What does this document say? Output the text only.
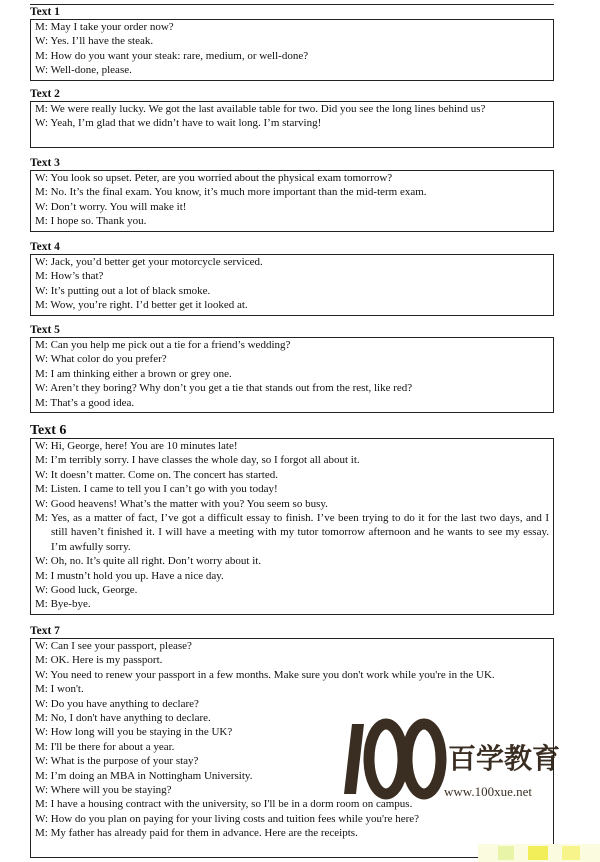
Text 1
M: May I take your order now?
W: Yes. I’ll have the steak.
M: How do you want your steak: rare, medium, or well-done?
W: Well-done, please.
Text 2
M: We were really lucky. We got the last available table for two. Did you see the long lines behind us?
W: Yeah, I’m glad that we didn’t have to wait long. I’m starving!
Text 3
W: You look so upset. Peter, are you worried about the physical exam tomorrow?
M: No. It’s the final exam. You know, it’s much more important than the mid-term exam.
W: Don’t worry. You will make it!
M: I hope so. Thank you.
Text 4
W: Jack, you’d better get your motorcycle serviced.
M: How’s that?
W: It’s putting out a lot of black smoke.
M: Wow, you’re right. I’d better get it looked at.
Text 5
M: Can you help me pick out a tie for a friend’s wedding?
W: What color do you prefer?
M: I am thinking either a brown or grey one.
W: Aren’t they boring? Why don’t you get a tie that stands out from the rest, like red?
M: That’s a good idea.
Text 6
W: Hi, George, here! You are 10 minutes late!
M: I’m terribly sorry. I have classes the whole day, so I forgot all about it.
W: It doesn’t matter. Come on. The concert has started.
M: Listen. I came to tell you I can’t go with you today!
W: Good heavens! What’s the matter with you? You seem so busy.
M: Yes, as a matter of fact, I’ve got a difficult essay to finish. I’ve been trying to do it for the last two days, and I still haven’t finished it. I will have a meeting with my tutor tomorrow afternoon and he wants to see my essay. I’m awfully sorry.
W: Oh, no. It’s quite all right. Don’t worry about it.
M: I mustn’t hold you up. Have a nice day.
W: Good luck, George.
M: Bye-bye.
Text 7
W: Can I see your passport, please?
M: OK. Here is my passport.
W: You need to renew your passport in a few months. Make sure you don't work while you're in the UK.
M: I won't.
W: Do you have anything to declare?
M: No, I don't have anything to declare.
W: How long will you be staying in the UK?
M: I'll be there for about a year.
W: What is the purpose of your stay?
M: I’m doing an MBA in Nottingham University.
W: Where will you be staying?
M: I have a housing contract with the university, so I'll be in a dorm room on campus.
W: How do you plan on paying for your living costs and tuition fees while you're here?
M: My father has already paid for them in advance. Here are the receipts.
百学教育
www.100xue.net
